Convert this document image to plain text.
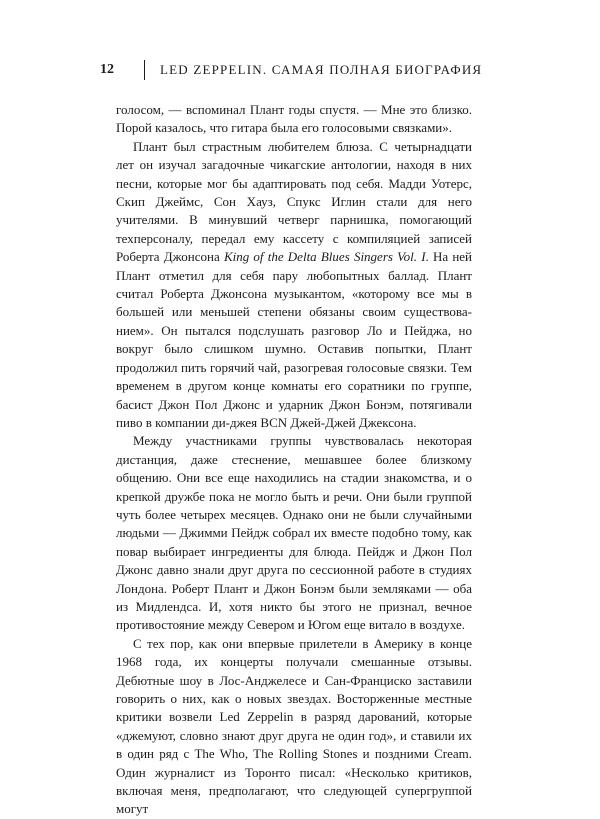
12	LED ZEPPELIN. САМАЯ ПОЛНАЯ БИОГРАФИЯ

голосом, — вспоминал Плант годы спустя. — Мне это близко. Порой казалось, что гитара была его голосовыми связками».

Плант был страстным любителем блюза. С четырнадцати лет он изучал загадочные чикагские антологии, находя в них песни, которые мог бы адаптировать под себя. Мадди Уотерс, Скип Джеймс, Сон Хауз, Спукс Иглин стали для него учителями. В минувший четверг парнишка, помогающий техперсоналу, передал ему кассету с компиляцией записей Роберта Джонсона King of the Delta Blues Singers Vol. I. На ней Плант отметил для себя пару любопытных баллад. Плант считал Роберта Джонсона музыкантом, «которому все мы в большей или меньшей степени обязаны своим существованием». Он пытался подслушать разговор Ло и Пейджа, но вокруг было слишком шумно. Оставив попытки, Плант продолжил пить горячий чай, разогревая голосовые связки. Тем временем в другом конце комнаты его соратники по группе, басист Джон Пол Джонс и ударник Джон Бонэм, потягивали пиво в компании ди-джея BCN Джей-Джей Джексона.

Между участниками группы чувствовалась некоторая дистанция, даже стеснение, мешавшее более близкому общению. Они все еще находились на стадии знакомства, и о крепкой дружбе пока не могло быть и речи. Они были группой чуть более четырех месяцев. Однако они не были случайными людьми — Джимми Пейдж собрал их вместе подобно тому, как повар выбирает ингредиенты для блюда. Пейдж и Джон Пол Джонс давно знали друг друга по сессионной работе в студиях Лондона. Роберт Плант и Джон Бонэм были земляками — оба из Мидлендса. И, хотя никто бы этого не признал, вечное противостояние между Севером и Югом еще витало в воздухе.

С тех пор, как они впервые прилетели в Америку в конце 1968 года, их концерты получали смешанные отзывы. Дебютные шоу в Лос-Анджелесе и Сан-Франциско заставили говорить о них, как о новых звездах. Восторженные местные критики возвели Led Zeppelin в разряд дарований, которые «джемуют, словно знают друг друга не один год», и ставили их в один ряд с The Who, The Rolling Stones и поздними Cream. Один журналист из Торонто писал: «Несколько критиков, включая меня, предполагают, что следующей супергруппой могут
